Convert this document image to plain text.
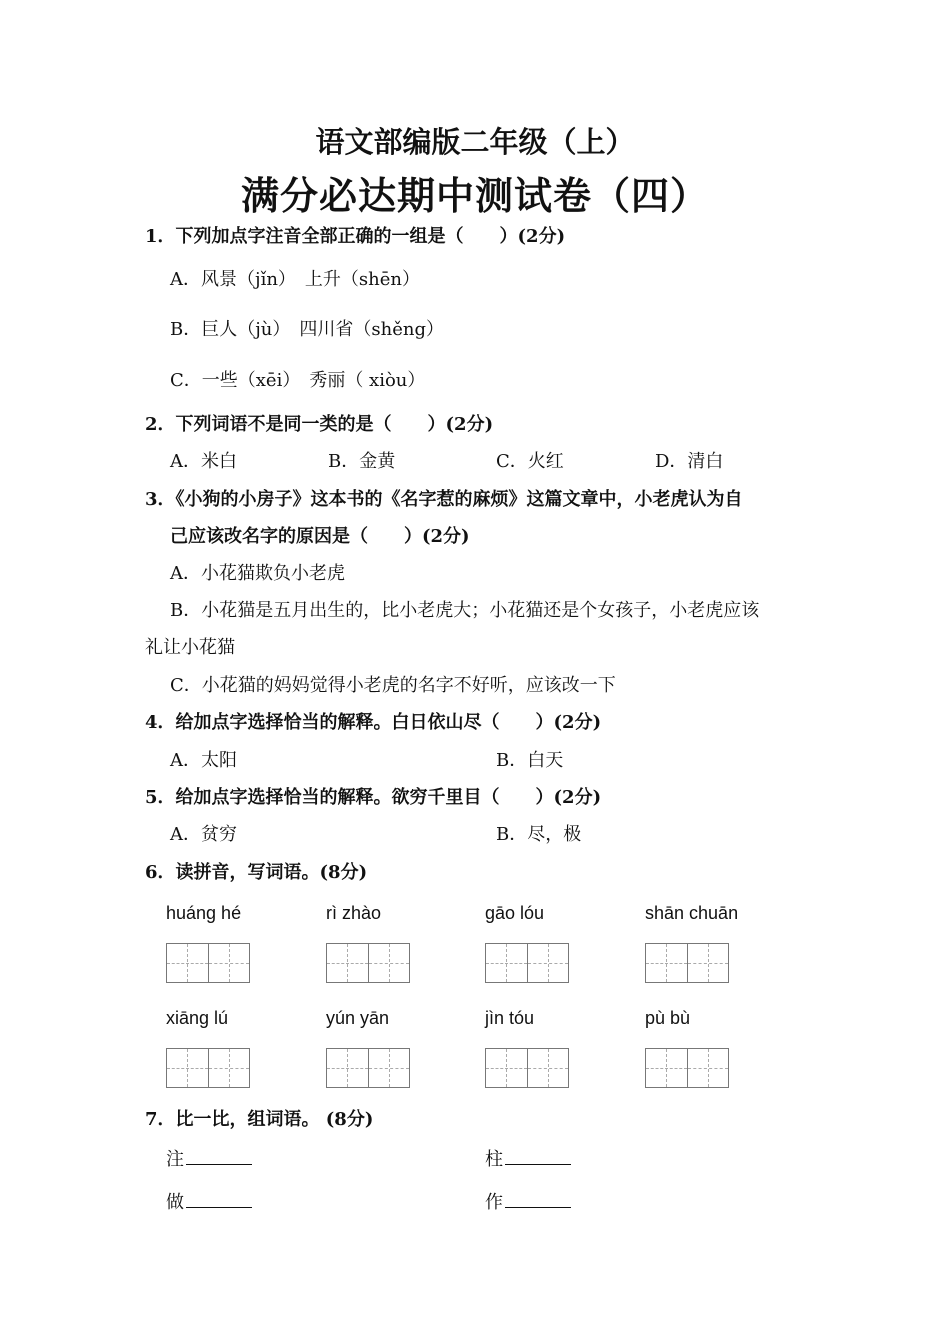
语文部编版二年级（上）
满分必达期中测试卷（四）
1．下列加点字注音全部正确的一组是（　　）(2分)
A．风景（jǐn）　上升（shēn）
B．巨人（jù）　四川省（shěng）
C．一些（xēi）　秀丽（ xiòu）
2．下列词语不是同一类的是（　　）(2分)
A．米白	B．金黄	C．火红	D．清白
3．《小狗的小房子》这本书的《名字惹的麻烦》这篇文章中，小老虎认为自
己应该改名字的原因是（　　）(2分)
A．小花猫欺负小老虎
B．小花猫是五月出生的，比小老虎大；小花猫还是个女孩子，小老虎应该
礼让小花猫
C．小花猫的妈妈觉得小老虎的名字不好听，应该改一下
4．给加点字选择恰当的解释。白日依山尽（　　）(2分)
A．太阳	B．白天
5．给加点字选择恰当的解释。欲穷千里目（　　）(2分)
A．贫穷	B．尽，极
6．读拼音，写词语。(8分)
huáng hé	rì zhào	gāo lóu	shān chuān
xiāng lú	yún yān	jìn tóu	pù bù
7．比一比，组词语。 (8分)
注	柱
做	作
